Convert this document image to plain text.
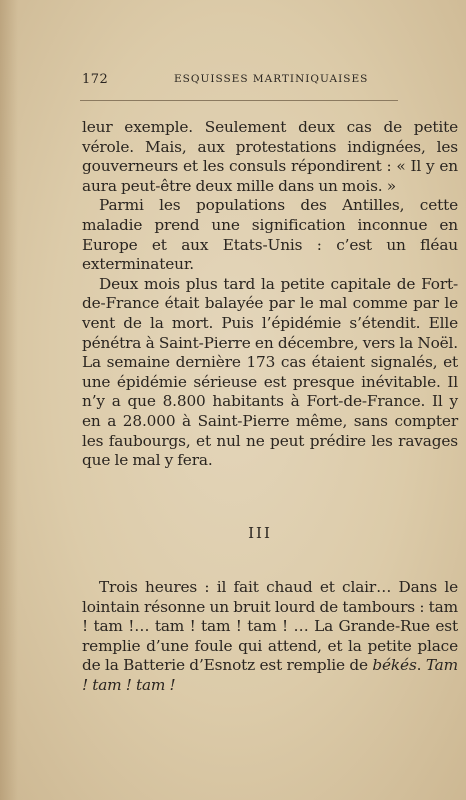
172	ESQUISSES MARTINIQUAISES

leur exemple. Seulement deux cas de petite vérole. Mais, aux protestations indignées, les gouverneurs et les consuls répondirent : « Il y en aura peut-être deux mille dans un mois. »

Parmi les populations des Antilles, cette maladie prend une signification inconnue en Europe et aux Etats-Unis : c’est un fléau exterminateur.

Deux mois plus tard la petite capitale de Fort-de-France était balayée par le mal comme par le vent de la mort. Puis l’épidémie s’étendit. Elle pénétra à Saint-Pierre en décembre, vers la Noël. La semaine dernière 173 cas étaient signalés, et une épidémie sérieuse est presque inévitable. Il n’y a que 8.800 habitants à Fort-de-France. Il y en a 28.000 à Saint-Pierre même, sans compter les faubourgs, et nul ne peut prédire les ravages que le mal y fera.

III

Trois heures : il fait chaud et clair… Dans le lointain résonne un bruit lourd de tambours : tam ! tam !… tam ! tam ! tam ! … La Grande-Rue est remplie d’une foule qui attend, et la petite place de la Batterie d’Esnotz est remplie de békés. Tam ! tam ! tam !
